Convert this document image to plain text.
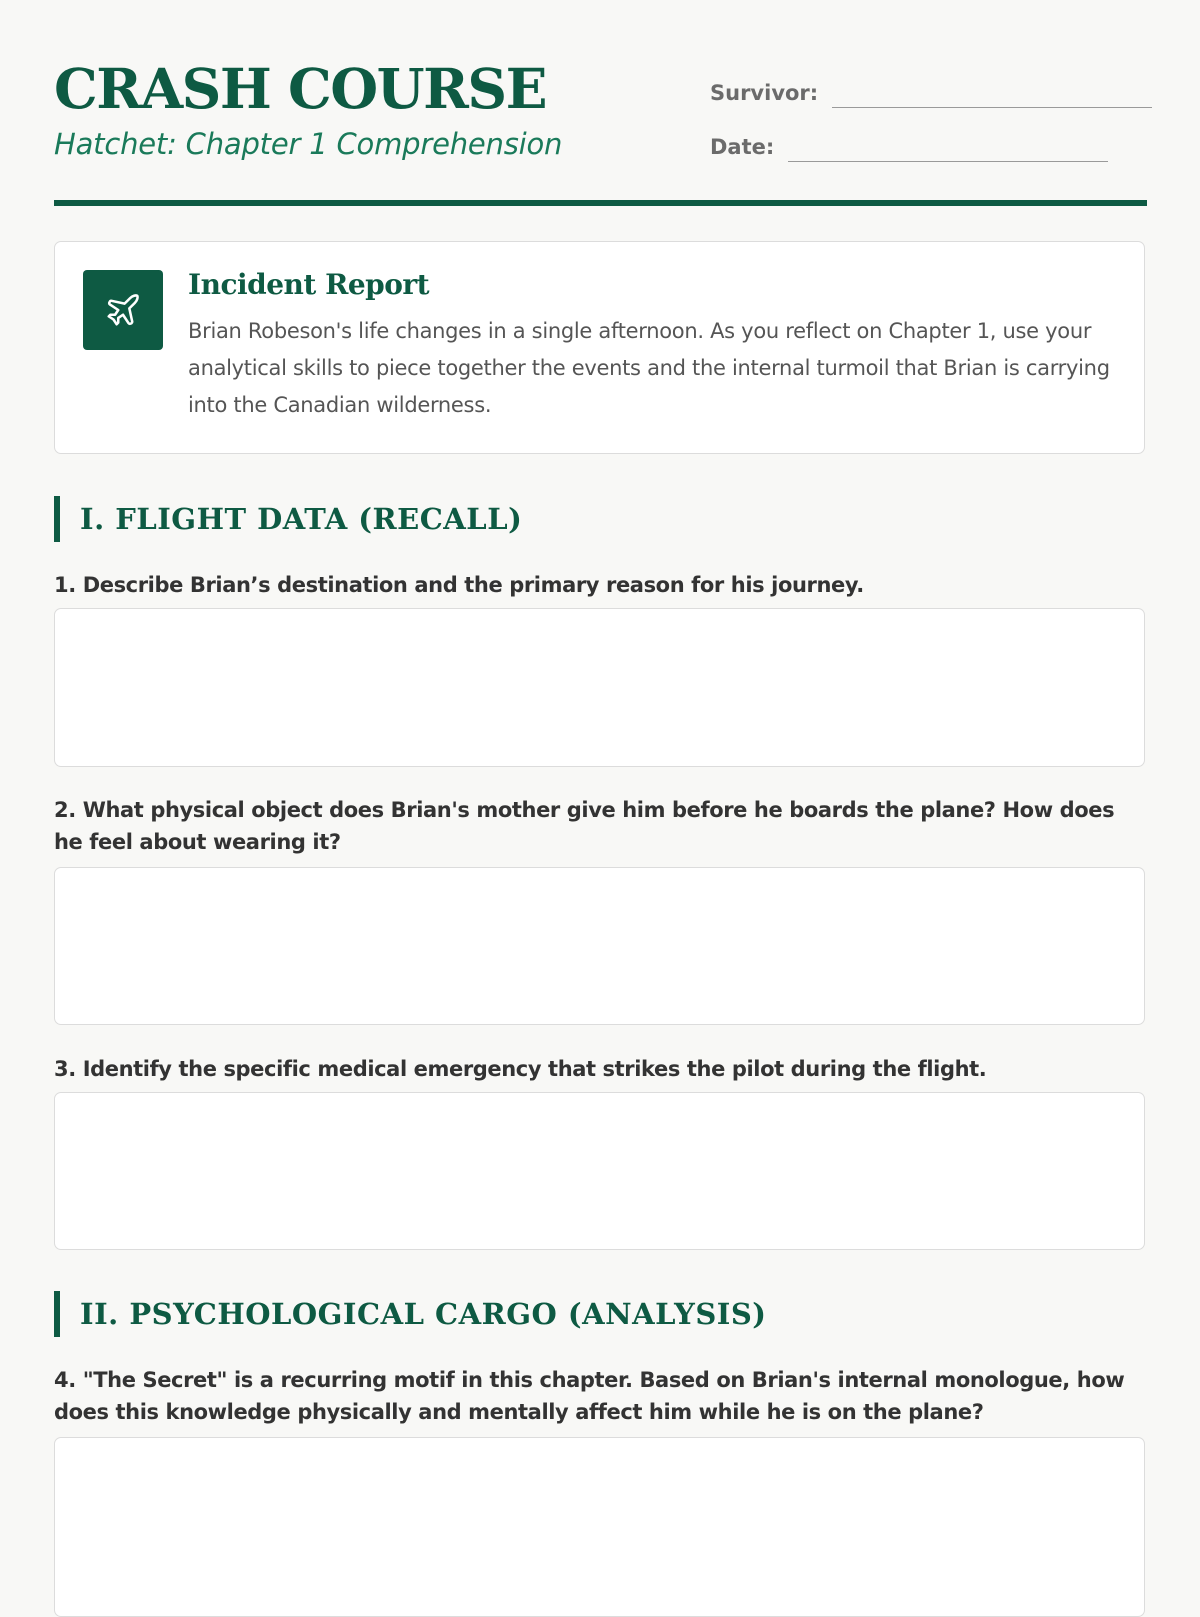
CRASH COURSE

Hatchet: Chapter 1 Comprehension

Survivor:
Date:
Incident Report

Brian Robeson's life changes in a single afternoon. As you reflect on Chapter 1, use your analytical skills to piece together the events and the internal turmoil that Brian is carrying into the Canadian wilderness.

I. FLIGHT DATA (RECALL)

1. Describe Brian’s destination and the primary reason for his journey.

2. What physical object does Brian's mother give him before he boards the plane? How does he feel about wearing it?

3. Identify the specific medical emergency that strikes the pilot during the flight.

II. PSYCHOLOGICAL CARGO (ANALYSIS)

4. "The Secret" is a recurring motif in this chapter. Based on Brian's internal monologue, how does this knowledge physically and mentally affect him while he is on the plane?
